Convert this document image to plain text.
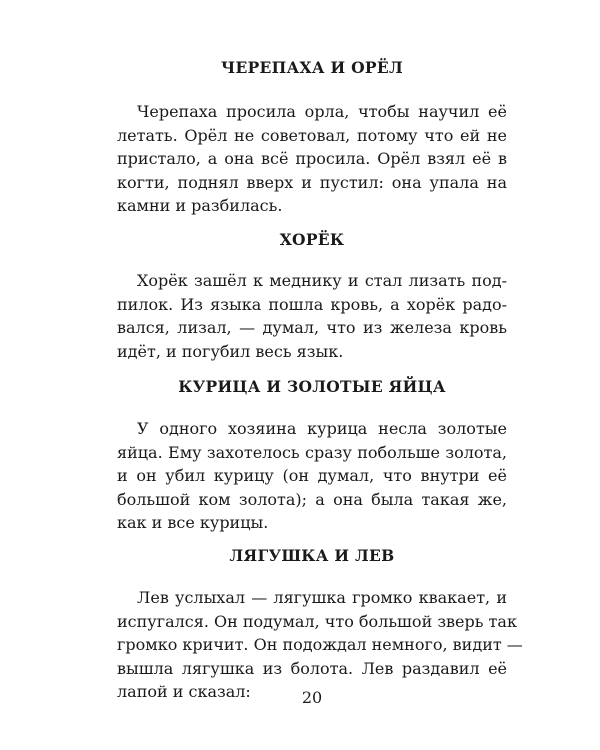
ЧЕРЕПАХА И ОРЁЛ
Черепаха просила орла, чтобы научил её
летать. Орёл не советовал, потому что ей не
пристало, а она всё просила. Орёл взял её в
когти, поднял вверх и пустил: она упала на
камни и разбилась.
ХОРЁК
Хорёк зашёл к меднику и стал лизать под-
пилок. Из языка пошла кровь, а хорёк радо-
вался, лизал, — думал, что из железа кровь
идёт, и погубил весь язык.
КУРИЦА И ЗОЛОТЫЕ ЯЙЦА
У одного хозяина курица несла золотые
яйца. Ему захотелось сразу побольше золота,
и он убил курицу (он думал, что внутри её
большой ком золота); а она была такая же,
как и все курицы.
ЛЯГУШКА И ЛЕВ
Лев услыхал — лягушка громко квакает, и
испугался. Он подумал, что большой зверь так
громко кричит. Он подождал немного, видит —
вышла лягушка из болота. Лев раздавил её
лапой и сказал:	20
